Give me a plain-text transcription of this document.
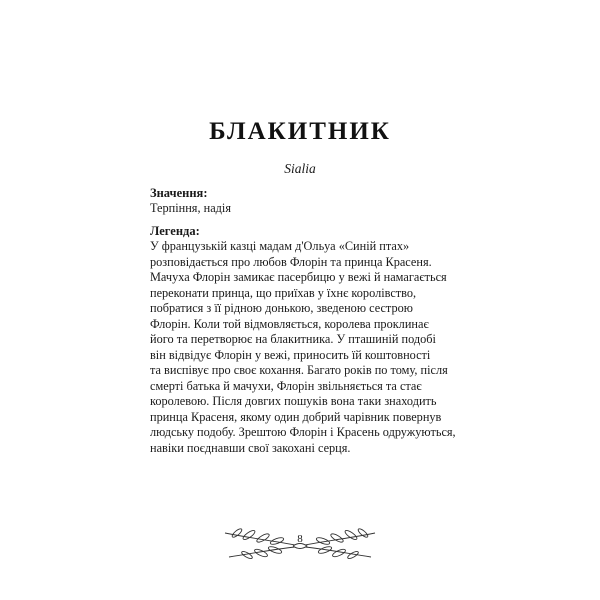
БЛАКИТНИК
Sialia
Значення:
Терпіння, надія
Легенда:
У французькій казці мадам д'Ольуа «Синій птах»
розповідається про любов Флорін та принца Красеня.
Мачуха Флорін замикає пасербицю у вежі й намагається
переконати принца, що приїхав у їхнє королівство,
побратися з її рідною донькою, зведеною сестрою
Флорін. Коли той відмовляється, королева проклинає
його та перетворює на блакитника. У пташиній подобі
він відвідує Флорін у вежі, приносить їй коштовності
та виспівує про своє кохання. Багато років по тому, після
смерті батька й мачухи, Флорін звільняється та стає
королевою. Після довгих пошуків вона таки знаходить
принца Красеня, якому один добрий чарівник повернув
людську подобу. Зрештою Флорін і Красень одружуються,
навіки поєднавши свої закохані серця.
8
